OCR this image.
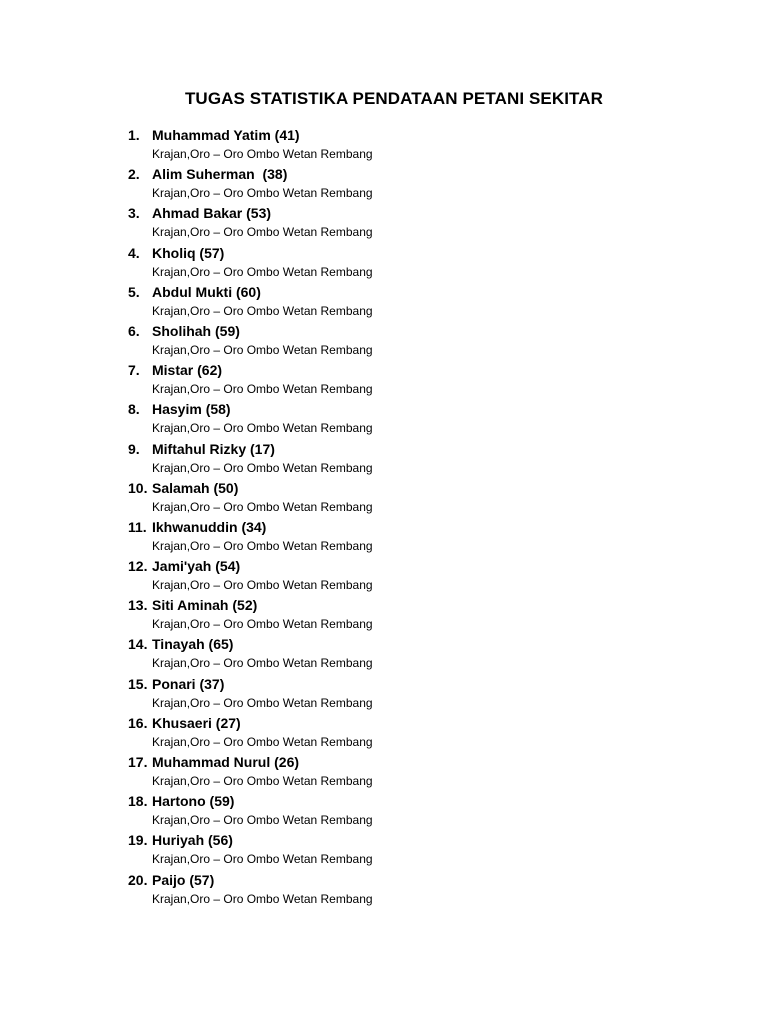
TUGAS STATISTIKA PENDATAAN PETANI SEKITAR
1. Muhammad Yatim (41)
Krajan,Oro – Oro Ombo Wetan Rembang
2. Alim Suherman  (38)
Krajan,Oro – Oro Ombo Wetan Rembang
3. Ahmad Bakar (53)
Krajan,Oro – Oro Ombo Wetan Rembang
4. Kholiq (57)
Krajan,Oro – Oro Ombo Wetan Rembang
5. Abdul Mukti (60)
Krajan,Oro – Oro Ombo Wetan Rembang
6. Sholihah (59)
Krajan,Oro – Oro Ombo Wetan Rembang
7. Mistar (62)
Krajan,Oro – Oro Ombo Wetan Rembang
8. Hasyim (58)
Krajan,Oro – Oro Ombo Wetan Rembang
9. Miftahul Rizky (17)
Krajan,Oro – Oro Ombo Wetan Rembang
10. Salamah (50)
Krajan,Oro – Oro Ombo Wetan Rembang
11. Ikhwanuddin (34)
Krajan,Oro – Oro Ombo Wetan Rembang
12. Jami'yah (54)
Krajan,Oro – Oro Ombo Wetan Rembang
13. Siti Aminah (52)
Krajan,Oro – Oro Ombo Wetan Rembang
14. Tinayah (65)
Krajan,Oro – Oro Ombo Wetan Rembang
15. Ponari (37)
Krajan,Oro – Oro Ombo Wetan Rembang
16. Khusaeri (27)
Krajan,Oro – Oro Ombo Wetan Rembang
17. Muhammad Nurul (26)
Krajan,Oro – Oro Ombo Wetan Rembang
18. Hartono (59)
Krajan,Oro – Oro Ombo Wetan Rembang
19. Huriyah (56)
Krajan,Oro – Oro Ombo Wetan Rembang
20. Paijo (57)
Krajan,Oro – Oro Ombo Wetan Rembang
